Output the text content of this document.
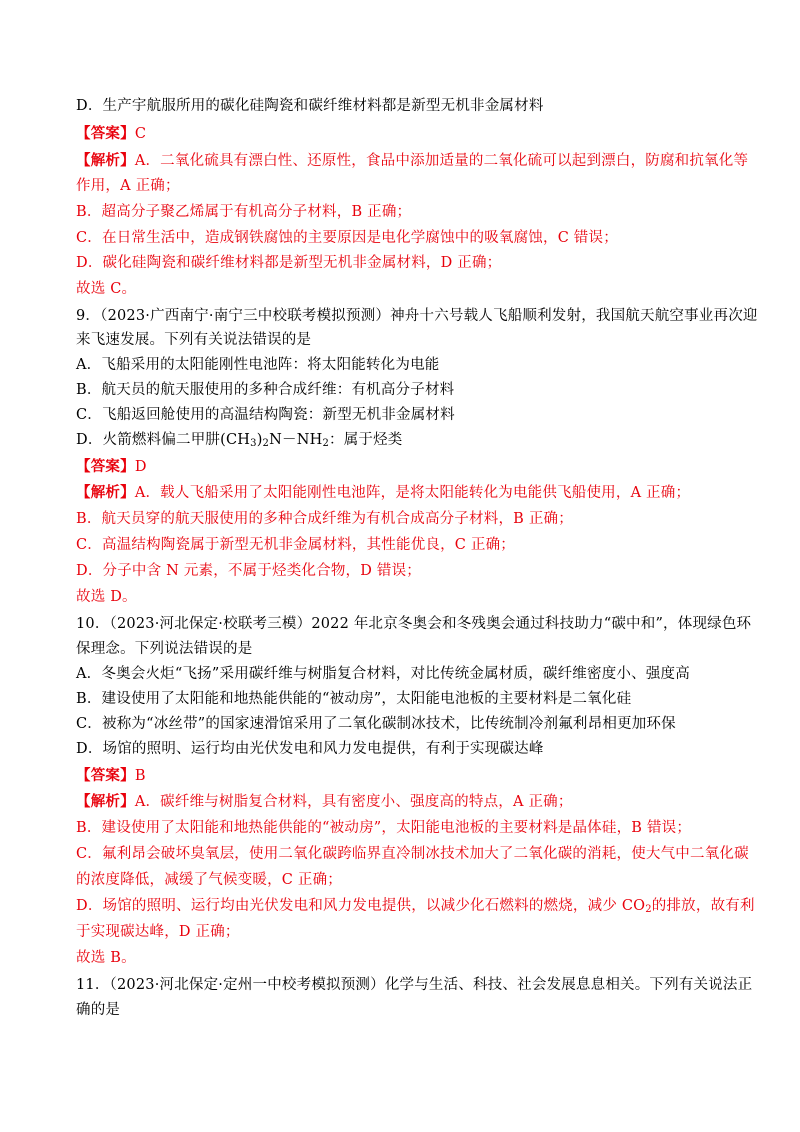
D．生产宇航服所用的碳化硅陶瓷和碳纤维材料都是新型无机非金属材料
【答案】C
【解析】A．二氧化硫具有漂白性、还原性，食品中添加适量的二氧化硫可以起到漂白，防腐和抗氧化等
作用，A 正确；
B．超高分子聚乙烯属于有机高分子材料，B 正确；
C．在日常生活中，造成钢铁腐蚀的主要原因是电化学腐蚀中的吸氧腐蚀，C 错误；
D．碳化硅陶瓷和碳纤维材料都是新型无机非金属材料，D 正确；
故选 C。
9．（2023·广西南宁·南宁三中校联考模拟预测）神舟十六号载人飞船顺利发射，我国航天航空事业再次迎
来飞速发展。下列有关说法错误的是
A．飞船采用的太阳能刚性电池阵：将太阳能转化为电能
B．航天员的航天服使用的多种合成纤维：有机高分子材料
C．飞船返回舱使用的高温结构陶瓷：新型无机非金属材料
D．火箭燃料偏二甲肼$(CH_3)_2N-NH_2$：属于烃类
【答案】D
【解析】A．载人飞船采用了太阳能刚性电池阵，是将太阳能转化为电能供飞船使用，A 正确；
B．航天员穿的航天服使用的多种合成纤维为有机合成高分子材料，B 正确；
C．高温结构陶瓷属于新型无机非金属材料，其性能优良，C 正确；
D．分子中含 N 元素，不属于烃类化合物，D 错误；
故选 D。
10．（2023·河北保定·校联考三模）2022 年北京冬奥会和冬残奥会通过科技助力“碳中和”，体现绿色环
保理念。下列说法错误的是
A．冬奥会火炬“飞扬”采用碳纤维与树脂复合材料，对比传统金属材质，碳纤维密度小、强度高
B．建设使用了太阳能和地热能供能的“被动房”，太阳能电池板的主要材料是二氧化硅
C．被称为“冰丝带”的国家速滑馆采用了二氧化碳制冰技术，比传统制冷剂氟利昂相更加环保
D．场馆的照明、运行均由光伏发电和风力发电提供，有利于实现碳达峰
【答案】B
【解析】A．碳纤维与树脂复合材料，具有密度小、强度高的特点，A 正确；
B．建设使用了太阳能和地热能供能的“被动房”，太阳能电池板的主要材料是晶体硅，B 错误；
C．氟利昂会破坏臭氧层，使用二氧化碳跨临界直冷制冰技术加大了二氧化碳的消耗，使大气中二氧化碳
的浓度降低，减缓了气候变暖，C 正确；
D．场馆的照明、运行均由光伏发电和风力发电提供，以减少化石燃料的燃烧，减少 $CO_2$的排放，故有利
于实现碳达峰，D 正确；
故选 B。
11．（2023·河北保定·定州一中校考模拟预测）化学与生活、科技、社会发展息息相关。下列有关说法正
确的是
